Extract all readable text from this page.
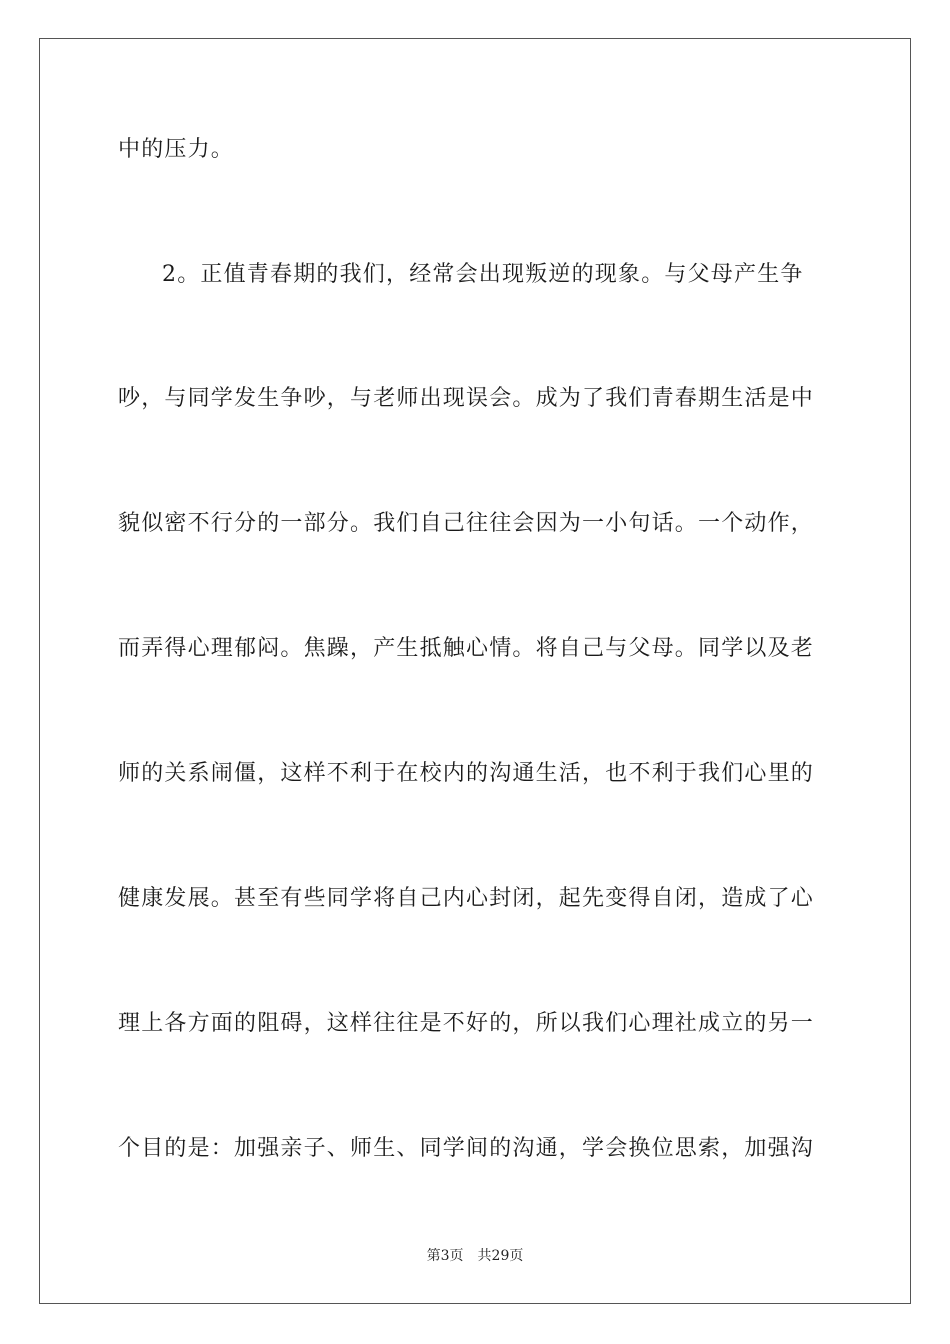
中的压力。
2。正值青春期的我们，经常会出现叛逆的现象。与父母产生争
吵，与同学发生争吵，与老师出现误会。成为了我们青春期生活是中
貌似密不行分的一部分。我们自己往往会因为一小句话。一个动作，
而弄得心理郁闷。焦躁，产生抵触心情。将自己与父母。同学以及老
师的关系闹僵，这样不利于在校内的沟通生活，也不利于我们心里的
健康发展。甚至有些同学将自己内心封闭，起先变得自闭，造成了心
理上各方面的阻碍，这样往往是不好的，所以我们心理社成立的另一
个目的是：加强亲子、师生、同学间的沟通，学会换位思索，加强沟
第3页 共29页
